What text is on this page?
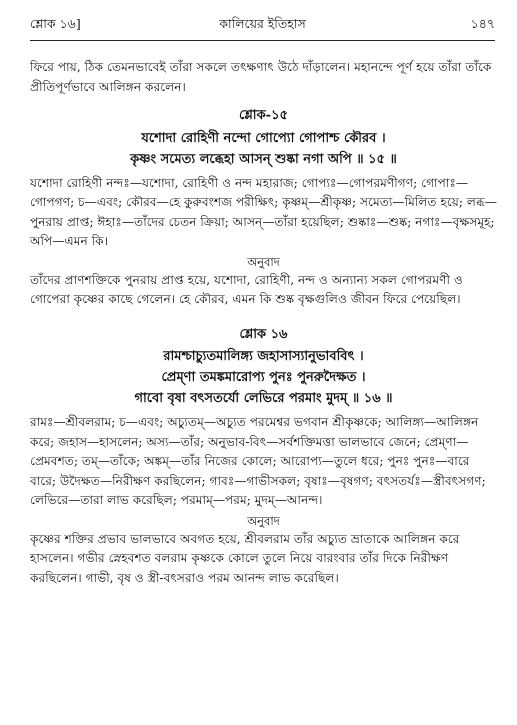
শ্লোক ১৬]	কালিয়ের ইতিহাস	১৪৭

ফিরে পায়, ঠিক তেমনভাবেই তাঁরা সকলে তৎক্ষণাৎ উঠে দাঁড়ালেন। মহানন্দে পূর্ণ হয়ে তাঁরা তাঁকে প্রীতিপূর্ণভাবে আলিঙ্গন করলেন।

শ্লোক-১৫

যশোদা রোহিণী নন্দো গোপ্যো গোপাশ্চ কৌরব ।

কৃষ্ণং সমেত্য লব্ধেহা আসন্ শুষ্কা নগা অপি ॥ ১৫ ॥

যশোদা রোহিণী নন্দঃ—যশোদা, রোহিণী ও নন্দ মহারাজ; গোপ্যঃ—গোপরমণীগণ; গোপাঃ—গোপগণ; চ—এবং; কৌরব—হে কুরুবংশজ পরীক্ষিৎ; কৃষ্ণম্—শ্রীকৃষ্ণ; সমেত্য—মিলিত হয়ে; লব্ধ—পুনরায় প্রাপ্ত; ঈহাঃ—তাঁদের চেতন ক্রিয়া; আসন্—তাঁরা হয়েছিল; শুষ্কাঃ—শুষ্ক; নগাঃ—বৃক্ষসমূহ; অপি—এমন কি।

অনুবাদ

তাঁদের প্রাণশক্তিকে পুনরায় প্রাপ্ত হয়ে, যশোদা, রোহিণী, নন্দ ও অন্যান্য সকল গোপরমণী ও গোপেরা কৃষ্ণের কাছে গেলেন। হে কৌরব, এমন কি শুষ্ক বৃক্ষগুলিও জীবন ফিরে পেয়েছিল।

শ্লোক ১৬

রামশ্চাচ্যুতমালিঙ্গ্য জহাসাস্যানুভাববিৎ ।

প্রেম্ণা তমঙ্কমারোপ্য পুনঃ পুনরুদৈক্ষত ।

গাবো বৃষা বৎসতর্যো লেভিরে পরমাং মুদম্ ॥ ১৬ ॥

রামঃ—শ্রীবলরাম; চ—এবং; অচ্যুতম্—অচ্যুত পরমেশ্বর ভগবান শ্রীকৃষ্ণকে; আলিঙ্গ্য—আলিঙ্গন করে; জহাস—হাসলেন; অস্য—তাঁর; অনুভাব-বিৎ—সর্বশক্তিমত্তা ভালভাবে জেনে; প্রেম্ণা—প্রেমবশত; তম্—তাঁকে; অঙ্কম্—তাঁর নিজের কোলে; আরোপ্য—তুলে ধরে; পুনঃ পুনঃ—বারে বারে; উদৈক্ষত—নিরীক্ষণ করছিলেন; গাবঃ—গাভীসকল; বৃষাঃ—বৃষগণ; বৎসতর্যঃ—স্ত্রীবৎসগণ; লেভিরে—তারা লাভ করেছিল; পরমাম্—পরম; মুদম্—আনন্দ।

অনুবাদ

কৃষ্ণের শক্তির প্রভাব ভালভাবে অবগত হয়ে, শ্রীবলরাম তাঁর অচ্যুত ভ্রাতাকে আলিঙ্গন করে হাসলেন। গভীর স্নেহবশত বলরাম কৃষ্ণকে কোলে তুলে নিয়ে বারংবার তাঁর দিকে নিরীক্ষণ করছিলেন। গাভী, বৃষ ও স্ত্রী-বৎসরাও পরম আনন্দ লাভ করেছিল।
